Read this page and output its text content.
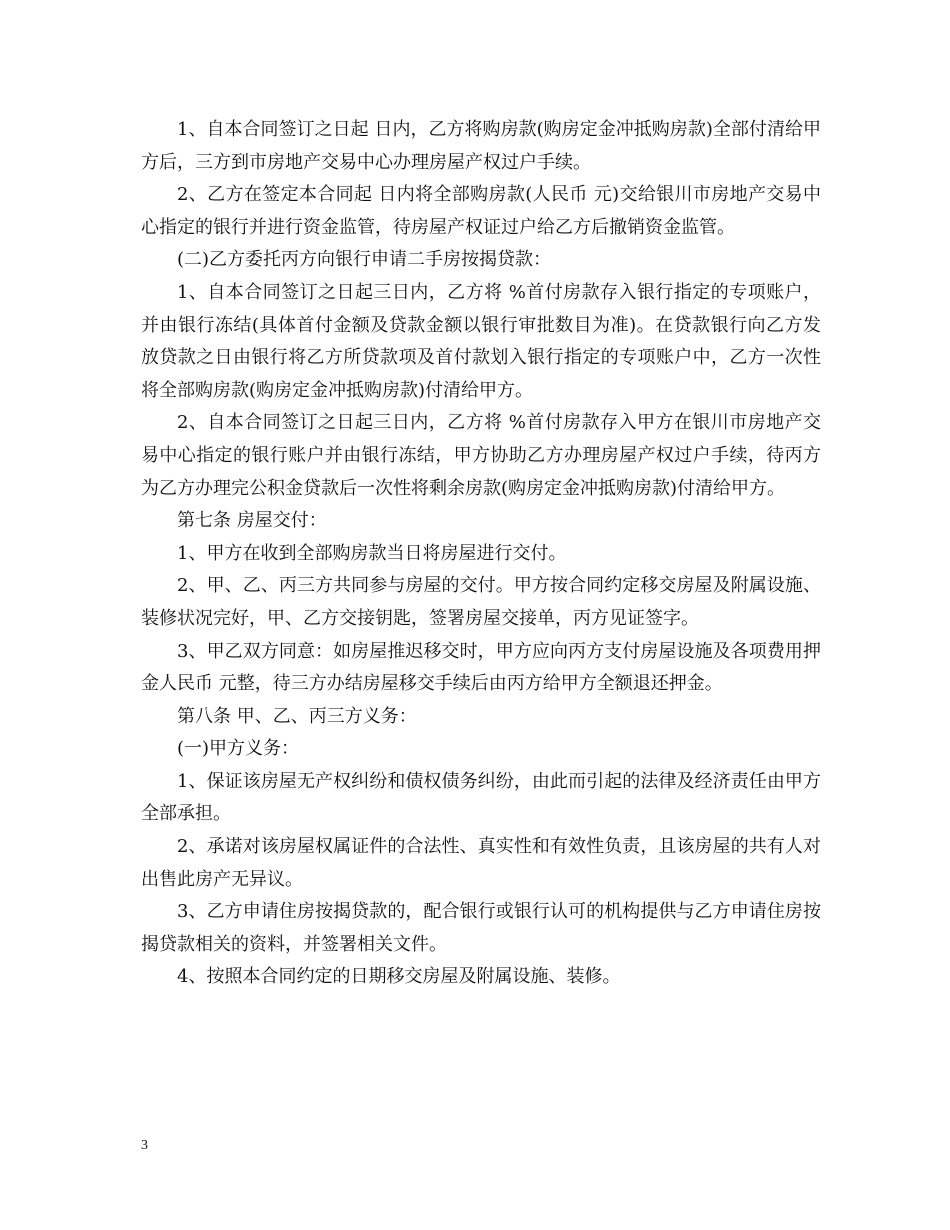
1、自本合同签订之日起 日内，乙方将购房款(购房定金冲抵购房款)全部付清给甲方后，三方到市房地产交易中心办理房屋产权过户手续。

2、乙方在签定本合同起 日内将全部购房款(人民币 元)交给银川市房地产交易中心指定的银行并进行资金监管，待房屋产权证过户给乙方后撤销资金监管。

(二)乙方委托丙方向银行申请二手房按揭贷款：

1、自本合同签订之日起三日内，乙方将 %首付房款存入银行指定的专项账户，并由银行冻结(具体首付金额及贷款金额以银行审批数目为准)。在贷款银行向乙方发放贷款之日由银行将乙方所贷款项及首付款划入银行指定的专项账户中，乙方一次性将全部购房款(购房定金冲抵购房款)付清给甲方。

2、自本合同签订之日起三日内，乙方将 %首付房款存入甲方在银川市房地产交易中心指定的银行账户并由银行冻结，甲方协助乙方办理房屋产权过户手续，待丙方为乙方办理完公积金贷款后一次性将剩余房款(购房定金冲抵购房款)付清给甲方。

第七条 房屋交付：

1、甲方在收到全部购房款当日将房屋进行交付。

2、甲、乙、丙三方共同参与房屋的交付。甲方按合同约定移交房屋及附属设施、装修状况完好，甲、乙方交接钥匙，签署房屋交接单，丙方见证签字。

3、甲乙双方同意：如房屋推迟移交时，甲方应向丙方支付房屋设施及各项费用押金人民币 元整，待三方办结房屋移交手续后由丙方给甲方全额退还押金。

第八条 甲、乙、丙三方义务：

(一)甲方义务：

1、保证该房屋无产权纠纷和债权债务纠纷，由此而引起的法律及经济责任由甲方全部承担。

2、承诺对该房屋权属证件的合法性、真实性和有效性负责，且该房屋的共有人对出售此房产无异议。

3、乙方申请住房按揭贷款的，配合银行或银行认可的机构提供与乙方申请住房按揭贷款相关的资料，并签署相关文件。

4、按照本合同约定的日期移交房屋及附属设施、装修。

3
